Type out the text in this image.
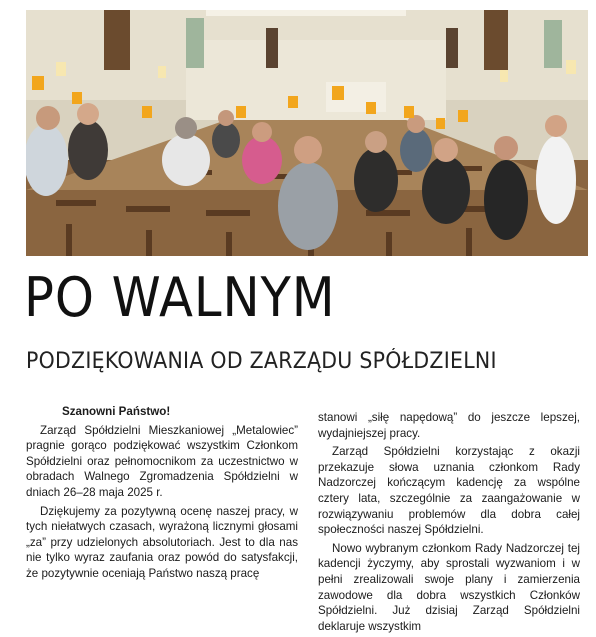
PO WALNYM
PODZIĘKOWANIA OD ZARZĄDU SPÓŁDZIELNI

Szanowni Państwo!

Zarząd Spółdzielni Mieszkaniowej „Metalowiec” pragnie gorąco podziękować wszystkim Członkom Spółdzielni oraz pełnomocnikom za uczestnictwo w obradach Walnego Zgromadzenia Spółdzielni w dniach 26–28 maja 2025 r.

Dziękujemy za pozytywną ocenę naszej pracy, w tych niełatwych czasach, wyrażoną licznymi głosami „za” przy udzielonych absolutoriach. Jest to dla nas nie tylko wyraz zaufania oraz powód do satysfakcji, że pozytywnie oceniają Państwo naszą pracę

stanowi „siłę napędową” do jeszcze lepszej, wydajniejszej pracy.

Zarząd Spółdzielni korzystając z okazji przekazuje słowa uznania członkom Rady Nadzorczej kończącym kadencję za wspólne cztery lata, szczególnie za zaangażowanie w rozwiązywaniu problemów dla dobra całej społeczności naszej Spółdzielni.

Nowo wybranym członkom Rady Nadzorczej tej kadencji życzymy, aby sprostali wyzwaniom i w pełni zrealizowali swoje plany i zamierzenia zawodowe dla dobra wszystkich Członków Spółdzielni. Już dzisiaj Zarząd Spółdzielni deklaruje wszystkim
